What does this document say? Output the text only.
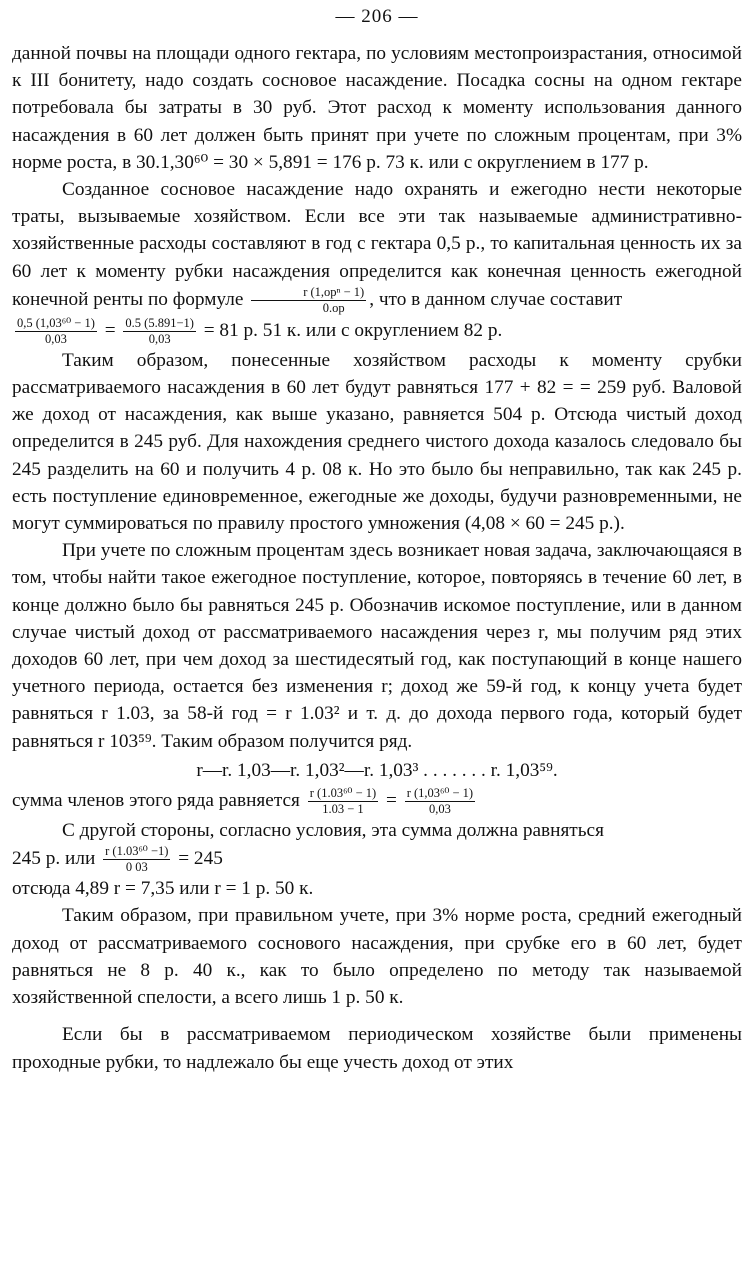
— 206 —

данной почвы на площади одного гектара, по условиям местопроизрастания, относимой к III бонитету, надо создать сосновое насаждение. Посадка сосны на одном гектаре потребовала бы затраты в 30 руб. Этот расход к моменту использования данного насаждения в 60 лет должен быть принят при учете по сложным процентам, при 3% норме роста, в 30.1,30⁶⁰ = 30 × 5,891 = 176 р. 73 к. или с округлением в 177 р.

Созданное сосновое насаждение надо охранять и ежегодно нести некоторые траты, вызываемые хозяйством. Если все эти так называемые административно-хозяйственные расходы составляют в год с гектара 0,5 р., то капитальная ценность их за 60 лет к моменту рубки насаждения определится как конечная ценность ежегодной конечной ренты по формуле $\frac{\text{r (1,opⁿ − 1)}}{0.op}$ , что в данном случае составит

$\frac{\text{0,5 (1,03⁶⁰ − 1)}}{0,03} = \frac{0.5 (5.891-1)}{0,03} = 81$ р. 51 к. или с округлением 82 р.

Таким образом, понесенные хозяйством расходы к моменту срубки рассматриваемого насаждения в 60 лет будут равняться 177 + 82 = = 259 руб. Валовой же доход от насаждения, как выше указано, равняется 504 р. Отсюда чистый доход определится в 245 руб. Для нахождения среднего чистого дохода казалось следовало бы 245 разделить на 60 и получить 4 р. 08 к. Но это было бы неправильно, так как 245 р. есть поступление единовременное, ежегодные же доходы, будучи разновременными, не могут суммироваться по правилу простого умножения (4,08 × 60 = 245 р.).

При учете по сложным процентам здесь возникает новая задача, заключающаяся в том, чтобы найти такое ежегодное поступление, которое, повторяясь в течение 60 лет, в конце должно было бы равняться 245 р. Обозначив искомое поступление, или в данном случае чистый доход от рассматриваемого насаждения через r, мы получим ряд этих доходов 60 лет, при чем доход за шестидесятый год, как поступающий в конце нашего учетного периода, остается без изменения r; доход же 59-й год, к концу учета будет равняться r 1.03, за 58-й год = r 1.03² и т. д. до дохода первого года, который будет равняться r 103⁵⁹. Таким образом получится ряд.

r—r. 1,03—r. 1,03²—r. 1,03³ . . . . . . . r. 1,03⁵⁹.
сумма членов этого ряда равняется $\frac{\text{r (1.03⁶⁰ − 1)}}{1.03 - 1} = \frac{\text{r (1,03⁶⁰ − 1)}}{0,03}$

С другой стороны, согласно условия, эта сумма должна равняться

245 р. или $\frac{\text{r (1.03⁶⁰ −1)}}{0 03} = 245$
отсюда 4,89 r = 7,35 или r = 1 р. 50 к.

Таким образом, при правильном учете, при 3% норме роста, средний ежегодный доход от рассматриваемого соснового насаждения, при срубке его в 60 лет, будет равняться не 8 р. 40 к., как то было определено по методу так называемой хозяйственной спелости, а всего лишь 1 р. 50 к.

Если бы в рассматриваемом периодическом хозяйстве были применены проходные рубки, то надлежало бы еще учесть доход от этих
